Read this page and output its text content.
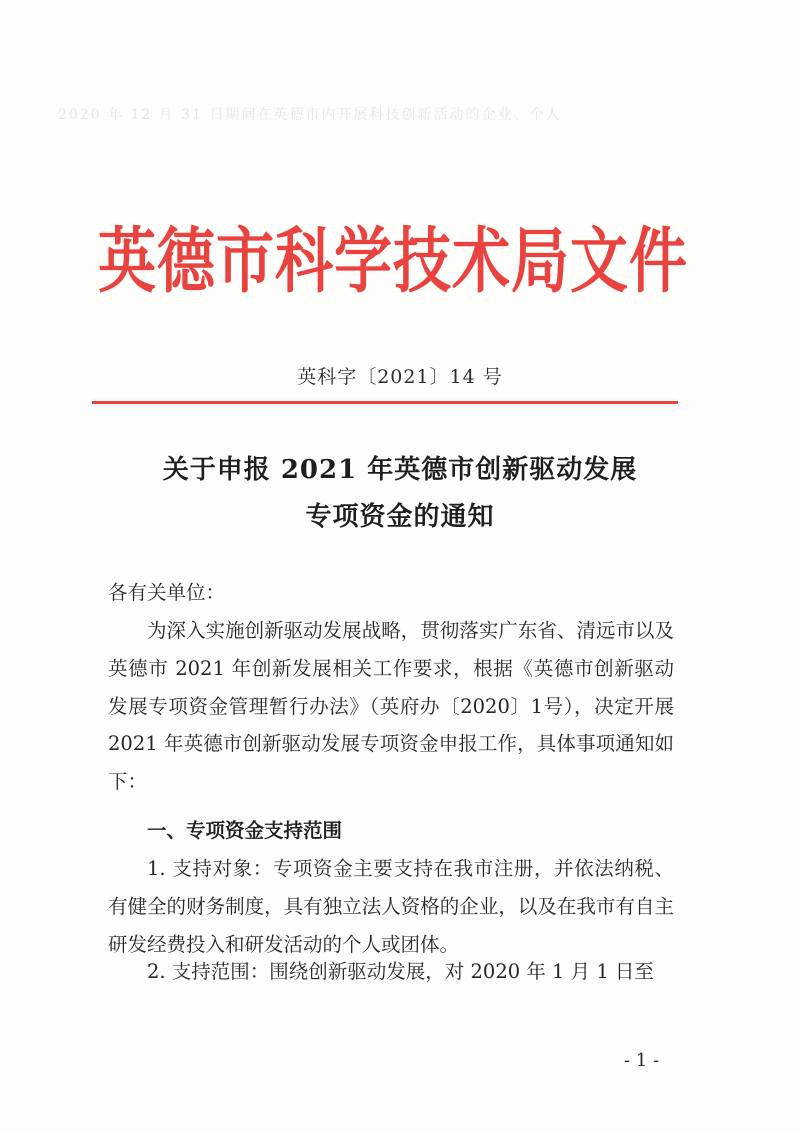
2020 年 12 月 31 日期间在英德市内开展科技创新活动的企业、个人
英德市科学技术局文件
英科字〔2021〕14 号
关于申报 2021 年英德市创新驱动发展
专项资金的通知
各有关单位：
为深入实施创新驱动发展战略，贯彻落实广东省、清远市以及英德市 2021 年创新发展相关工作要求，根据《英德市创新驱动发展专项资金管理暂行办法》（英府办〔2020〕1号），决定开展 2021 年英德市创新驱动发展专项资金申报工作，具体事项通知如下：
一、专项资金支持范围
1. 支持对象：专项资金主要支持在我市注册，并依法纳税、有健全的财务制度，具有独立法人资格的企业，以及在我市有自主研发经费投入和研发活动的个人或团体。
2. 支持范围：围绕创新驱动发展，对 2020 年 1 月 1 日至
- 1 -
